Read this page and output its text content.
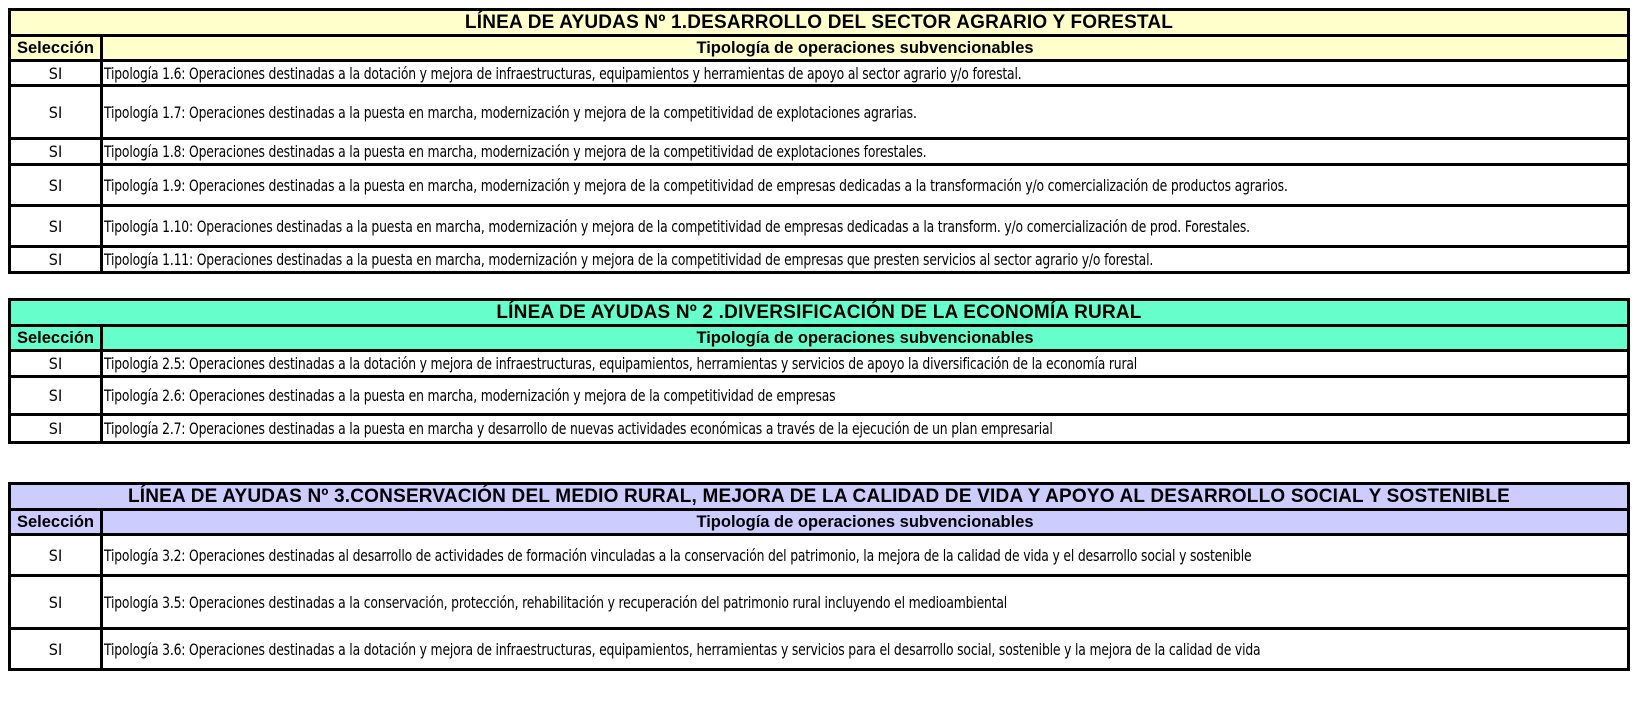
LÍNEA DE AYUDAS Nº 1.DESARROLLO DEL SECTOR AGRARIO Y FORESTAL	
Selección	Tipología de operaciones subvencionables
SI	Tipología 1.6: Operaciones destinadas a la dotación y mejora de infraestructuras, equipamientos y herramientas de apoyo al sector agrario y/o forestal.
SI	Tipología 1.7: Operaciones destinadas a la puesta en marcha, modernización y mejora de la competitividad de explotaciones agrarias.
SI	Tipología 1.8: Operaciones destinadas a la puesta en marcha, modernización y mejora de la competitividad de explotaciones forestales.
SI	Tipología 1.9: Operaciones destinadas a la puesta en marcha, modernización y mejora de la competitividad de empresas dedicadas a la transformación y/o comercialización de productos agrarios.
SI	Tipología 1.10: Operaciones destinadas a la puesta en marcha, modernización y mejora de la competitividad de empresas dedicadas a la transform. y/o comercialización de prod. Forestales.
SI	Tipología 1.11: Operaciones destinadas a la puesta en marcha, modernización y mejora de la competitividad de empresas que presten servicios al sector agrario y/o forestal.
LÍNEA DE AYUDAS Nº 2 .DIVERSIFICACIÓN DE LA ECONOMÍA RURAL	
Selección	Tipología de operaciones subvencionables
SI	Tipología 2.5: Operaciones destinadas a la dotación y mejora de infraestructuras, equipamientos, herramientas y servicios de apoyo la diversificación de la economía rural
SI	Tipología 2.6: Operaciones destinadas a la puesta en marcha, modernización y mejora de la competitividad de empresas
SI	Tipología 2.7: Operaciones destinadas a la puesta en marcha y desarrollo de nuevas actividades económicas a través de la ejecución de un plan empresarial
LÍNEA DE AYUDAS Nº 3.CONSERVACIÓN DEL MEDIO RURAL, MEJORA DE LA CALIDAD DE VIDA Y APOYO AL DESARROLLO SOCIAL Y SOSTENIBLE	
Selección	Tipología de operaciones subvencionables
SI	Tipología 3.2: Operaciones destinadas al desarrollo de actividades de formación vinculadas a la conservación del patrimonio, la mejora de la calidad de vida y el desarrollo social y sostenible
SI	Tipología 3.5: Operaciones destinadas a la conservación, protección, rehabilitación y recuperación del patrimonio rural incluyendo el medioambiental
SI	Tipología 3.6: Operaciones destinadas a la dotación y mejora de infraestructuras, equipamientos, herramientas y servicios para el desarrollo social, sostenible y la mejora de la calidad de vida
